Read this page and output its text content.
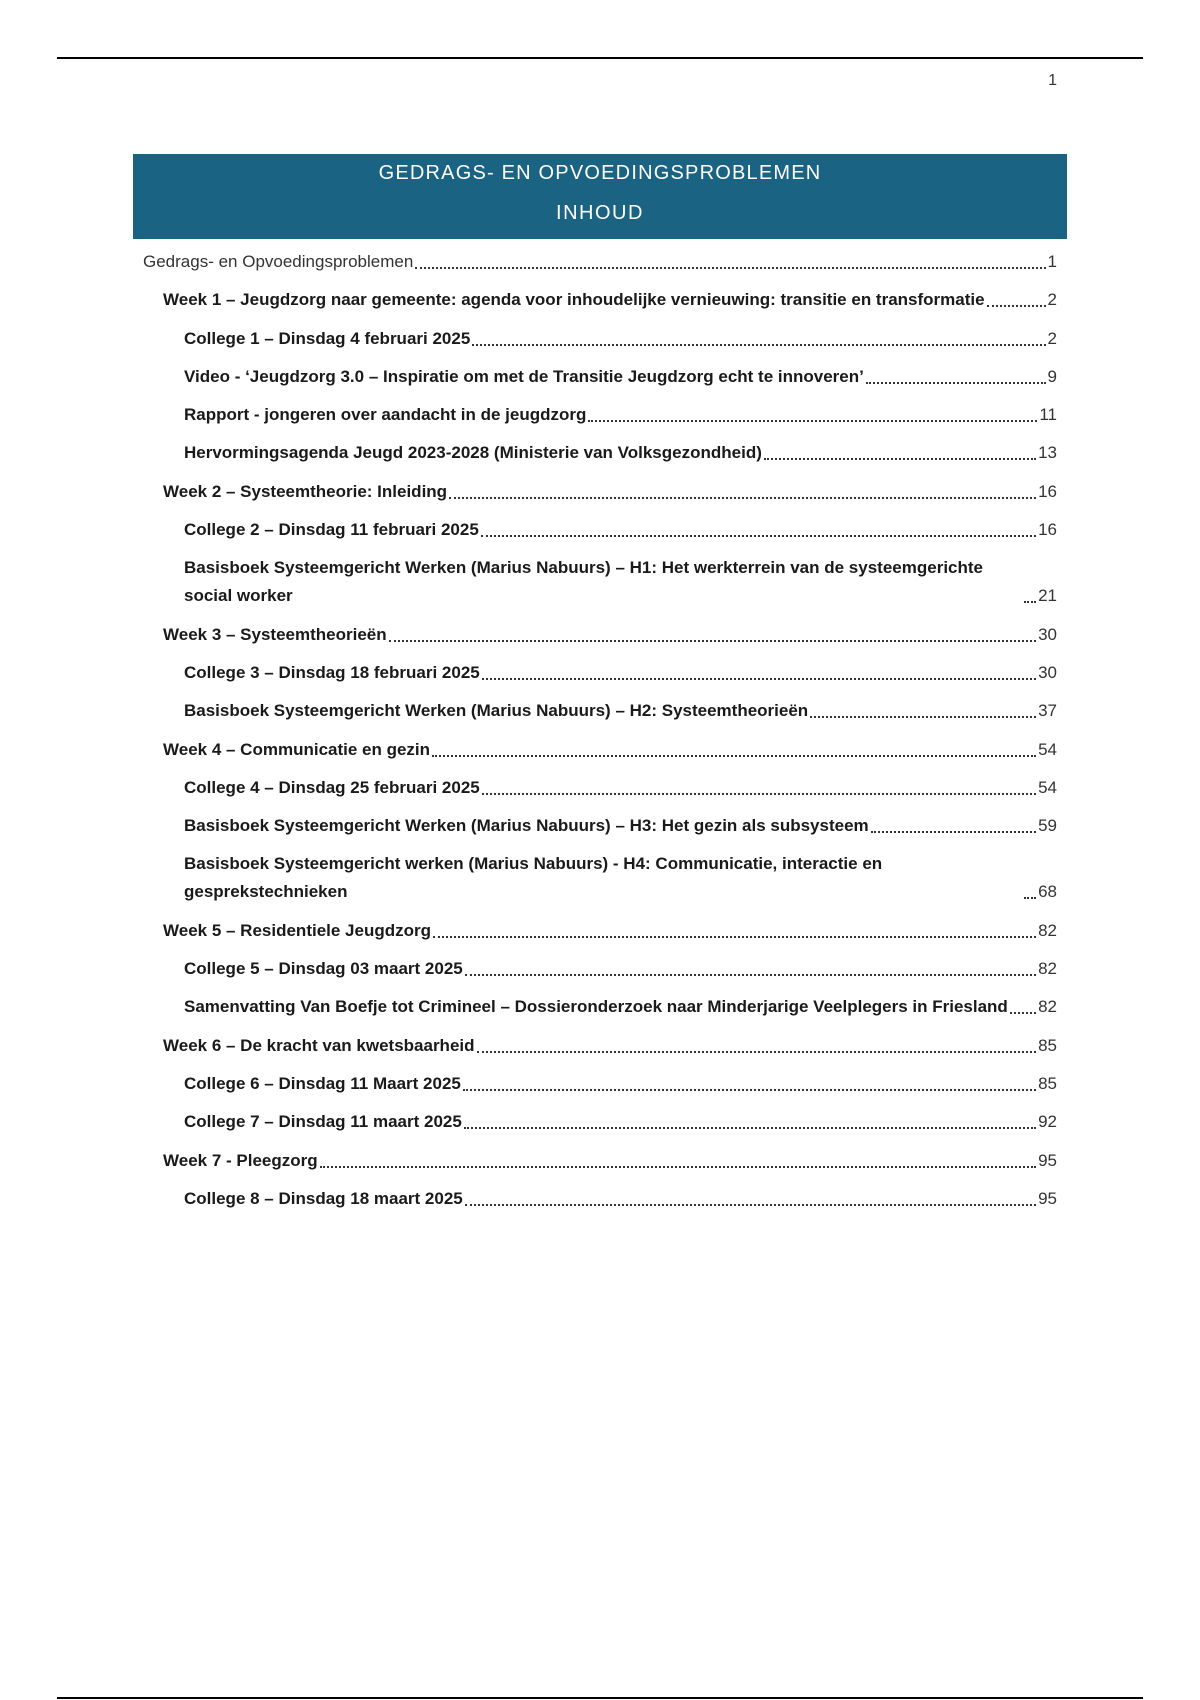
1
GEDRAGS- EN OPVOEDINGSPROBLEMEN
INHOUD
Gedrags- en Opvoedingsproblemen	1
Week 1 – Jeugdzorg naar gemeente: agenda voor inhoudelijke vernieuwing: transitie en transformatie	2
College 1 – Dinsdag 4 februari 2025	2
Video - ‘Jeugdzorg 3.0 – Inspiratie om met de Transitie Jeugdzorg echt te innoveren’	9
Rapport - jongeren over aandacht in de jeugdzorg	11
Hervormingsagenda Jeugd 2023-2028 (Ministerie van Volksgezondheid)	13
Week 2 – Systeemtheorie: Inleiding	16
College 2 – Dinsdag 11 februari 2025	16
Basisboek Systeemgericht Werken (Marius Nabuurs) – H1: Het werkterrein van de systeemgerichte social worker	21
Week 3 – Systeemtheorieën	30
College 3 – Dinsdag 18 februari 2025	30
Basisboek Systeemgericht Werken (Marius Nabuurs) – H2: Systeemtheorieën	37
Week 4 – Communicatie en gezin	54
College 4 – Dinsdag 25 februari 2025	54
Basisboek Systeemgericht Werken (Marius Nabuurs) – H3: Het gezin als subsysteem	59
Basisboek Systeemgericht werken (Marius Nabuurs) - H4: Communicatie, interactie en gesprekstechnieken	68
Week 5 – Residentiele Jeugdzorg	82
College 5 – Dinsdag 03 maart 2025	82
Samenvatting Van Boefje tot Crimineel – Dossieronderzoek naar Minderjarige Veelplegers in Friesland 82
Week 6 – De kracht van kwetsbaarheid	85
College 6 – Dinsdag 11 Maart 2025	85
College 7 – Dinsdag 11 maart 2025	92
Week 7 - Pleegzorg	95
College 8 – Dinsdag 18 maart 2025	95
